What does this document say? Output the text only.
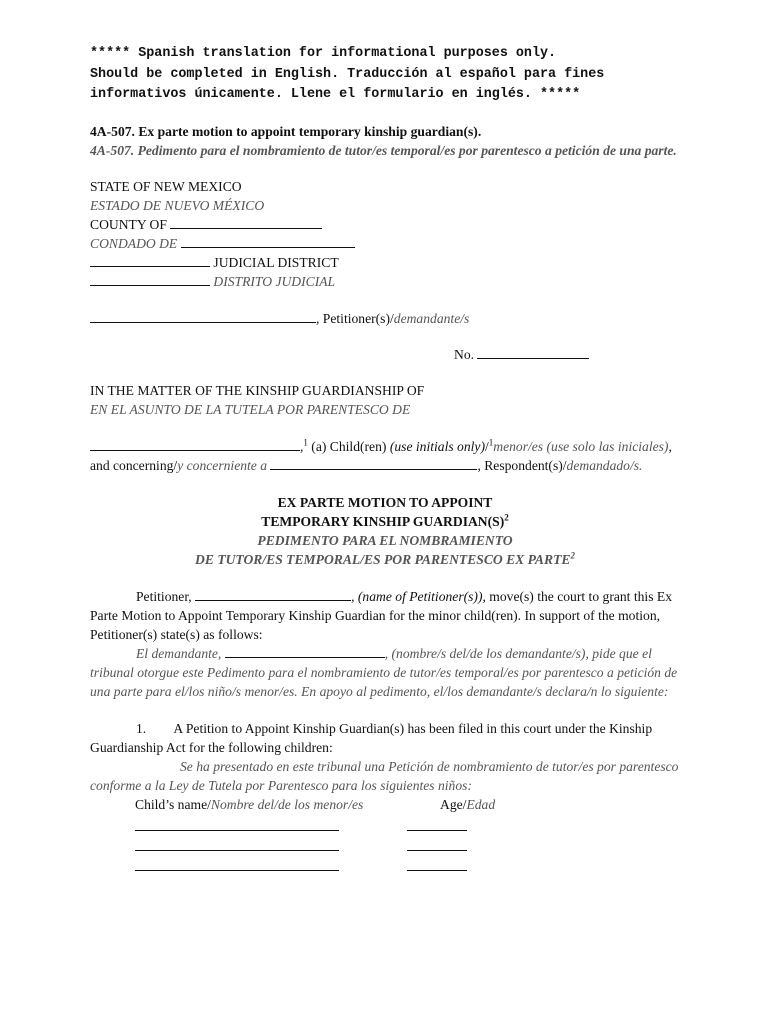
***** Spanish translation for informational purposes only.
Should be completed in English. Traducción al español para fines
informativos únicamente. Llene el formulario en inglés. *****

4A-507. Ex parte motion to appoint temporary kinship guardian(s).

4A-507. Pedimento para el nombramiento de tutor/es temporal/es por parentesco a petición de una parte.

STATE OF NEW MEXICO

ESTADO DE NUEVO MÉXICO

COUNTY OF

CONDADO DE

JUDICIAL DISTRICT

DISTRITO JUDICIAL

, Petitioner(s)/demandante/s

No.

IN THE MATTER OF THE KINSHIP GUARDIANSHIP OF

EN EL ASUNTO DE LA TUTELA POR PARENTESCO DE

,$^1$ (a) Child(ren) (use initials only)/$^1$menor/es (use solo las iniciales), and concerning/y concerniente a	, Respondent(s)/demandado/s.

EX PARTE MOTION TO APPOINT

TEMPORARY KINSHIP $GUARDIAN(S)^2$

PEDIMENTO PARA EL NOMBRAMIENTO

DE TUTOR/ES TEMPORAL/ES POR PARENTESCO EX PARTE$^2$

Petitioner,	, (name of Petitioner(s)), move(s) the court to grant this Ex Parte Motion to Appoint Temporary Kinship Guardian for the minor child(ren). In support of the motion, Petitioner(s) state(s) as follows:

El demandante,	, (nombre/s del/de los demandante/s), pide que el tribunal otorgue este Pedimento para el nombramiento de tutor/es temporal/es por parentesco a petición de una parte para el/los niño/s menor/es. En apoyo al pedimento, el/los demandante/s declara/n lo siguiente:

1. A Petition to Appoint Kinship Guardian(s) has been filed in this court under the Kinship Guardianship Act for the following children:

Se ha presentado en este tribunal una Petición de nombramiento de tutor/es por parentesco conforme a la Ley de Tutela por Parentesco para los siguientes niños:

Child’s name/Nombre del/de los menor/es	Age/Edad
